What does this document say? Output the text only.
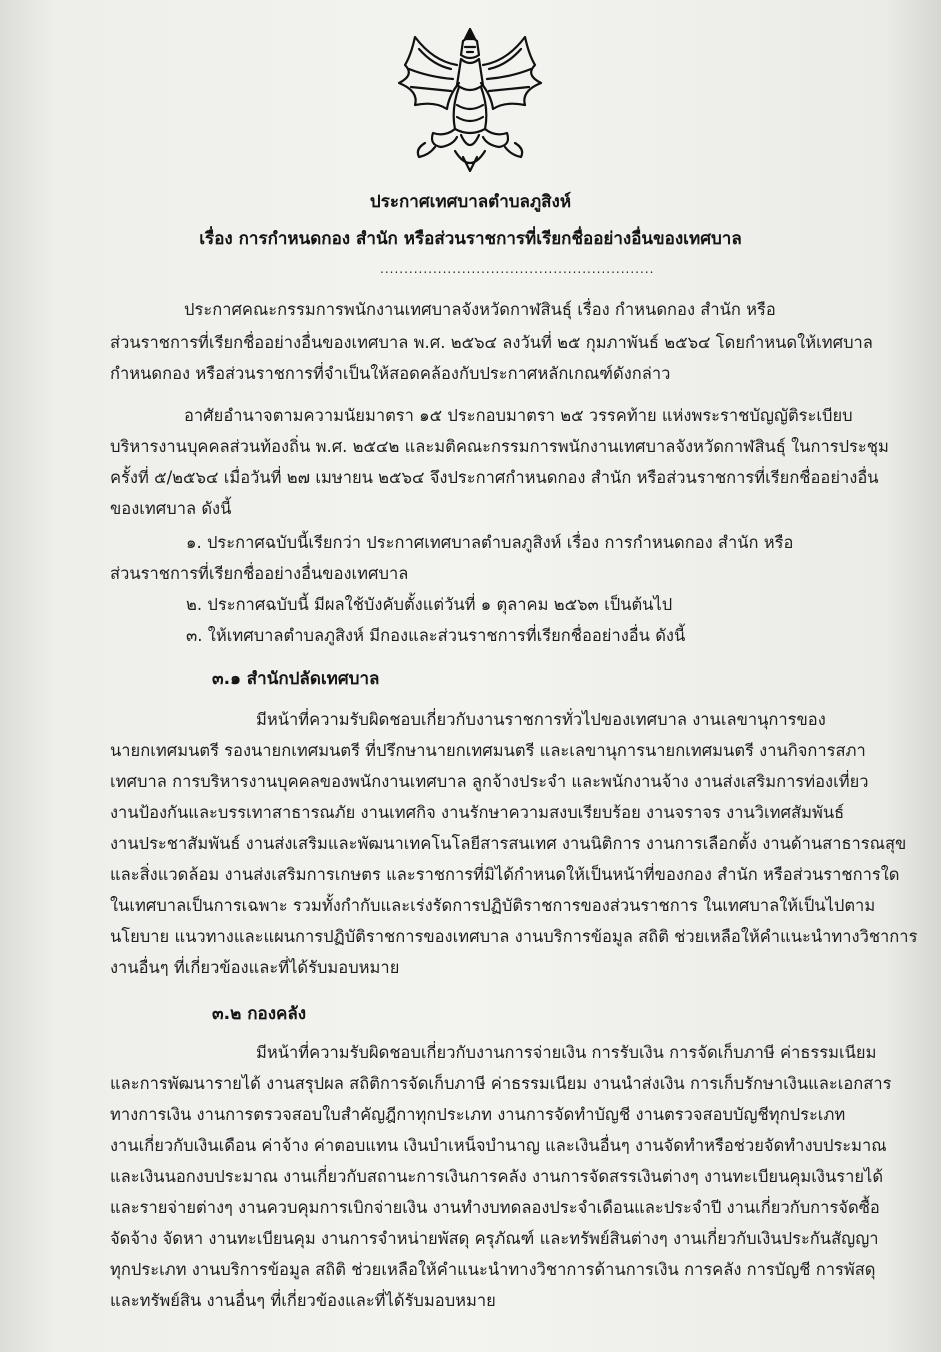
ประกาศเทศบาลตำบลภูสิงห์
เรื่อง การกำหนดกอง สำนัก หรือส่วนราชการที่เรียกชื่ออย่างอื่นของเทศบาล
.........................................................
ประกาศคณะกรรมการพนักงานเทศบาลจังหวัดกาฬสินธุ์ เรื่อง กำหนดกอง สำนัก หรือ
ส่วนราชการที่เรียกชื่ออย่างอื่นของเทศบาล พ.ศ. ๒๕๖๔ ลงวันที่ ๒๕ กุมภาพันธ์ ๒๕๖๔ โดยกำหนดให้เทศบาล
กำหนดกอง หรือส่วนราชการที่จำเป็นให้สอดคล้องกับประกาศหลักเกณฑ์ดังกล่าว
อาศัยอำนาจตามความนัยมาตรา ๑๕ ประกอบมาตรา ๒๕ วรรคท้าย แห่งพระราชบัญญัติระเบียบ
บริหารงานบุคคลส่วนท้องถิ่น พ.ศ. ๒๕๔๒ และมติคณะกรรมการพนักงานเทศบาลจังหวัดกาฬสินธุ์ ในการประชุม
ครั้งที่ ๕/๒๕๖๔ เมื่อวันที่ ๒๗ เมษายน ๒๕๖๔ จึงประกาศกำหนดกอง สำนัก หรือส่วนราชการที่เรียกชื่ออย่างอื่น
ของเทศบาล ดังนี้
๑. ประกาศฉบับนี้เรียกว่า ประกาศเทศบาลตำบลภูสิงห์ เรื่อง การกำหนดกอง สำนัก หรือ
ส่วนราชการที่เรียกชื่ออย่างอื่นของเทศบาล
๒. ประกาศฉบับนี้ มีผลใช้บังคับตั้งแต่วันที่ ๑ ตุลาคม ๒๕๖๓ เป็นต้นไป
๓. ให้เทศบาลตำบลภูสิงห์ มีกองและส่วนราชการที่เรียกชื่ออย่างอื่น ดังนี้
๓.๑ สำนักปลัดเทศบาล
มีหน้าที่ความรับผิดชอบเกี่ยวกับงานราชการทั่วไปของเทศบาล งานเลขานุการของ
นายกเทศมนตรี รองนายกเทศมนตรี ที่ปรึกษานายกเทศมนตรี และเลขานุการนายกเทศมนตรี งานกิจการสภา
เทศบาล การบริหารงานบุคคลของพนักงานเทศบาล ลูกจ้างประจำ และพนักงานจ้าง งานส่งเสริมการท่องเที่ยว
งานป้องกันและบรรเทาสาธารณภัย งานเทศกิจ งานรักษาความสงบเรียบร้อย งานจราจร งานวิเทศสัมพันธ์
งานประชาสัมพันธ์ งานส่งเสริมและพัฒนาเทคโนโลยีสารสนเทศ งานนิติการ งานการเลือกตั้ง งานด้านสาธารณสุข
และสิ่งแวดล้อม งานส่งเสริมการเกษตร และราชการที่มิได้กำหนดให้เป็นหน้าที่ของกอง สำนัก หรือส่วนราชการใด
ในเทศบาลเป็นการเฉพาะ รวมทั้งกำกับและเร่งรัดการปฏิบัติราชการของส่วนราชการ ในเทศบาลให้เป็นไปตาม
นโยบาย แนวทางและแผนการปฏิบัติราชการของเทศบาล งานบริการข้อมูล สถิติ ช่วยเหลือให้คำแนะนำทางวิชาการ
งานอื่นๆ ที่เกี่ยวข้องและที่ได้รับมอบหมาย
๓.๒ กองคลัง
มีหน้าที่ความรับผิดชอบเกี่ยวกับงานการจ่ายเงิน การรับเงิน การจัดเก็บภาษี ค่าธรรมเนียม
และการพัฒนารายได้ งานสรุปผล สถิติการจัดเก็บภาษี ค่าธรรมเนียม งานนำส่งเงิน การเก็บรักษาเงินและเอกสาร
ทางการเงิน งานการตรวจสอบใบสำคัญฎีกาทุกประเภท งานการจัดทำบัญชี งานตรวจสอบบัญชีทุกประเภท
งานเกี่ยวกับเงินเดือน ค่าจ้าง ค่าตอบแทน เงินบำเหน็จบำนาญ และเงินอื่นๆ งานจัดทำหรือช่วยจัดทำงบประมาณ
และเงินนอกงบประมาณ งานเกี่ยวกับสถานะการเงินการคลัง งานการจัดสรรเงินต่างๆ งานทะเบียนคุมเงินรายได้
และรายจ่ายต่างๆ งานควบคุมการเบิกจ่ายเงิน งานทำงบทดลองประจำเดือนและประจำปี งานเกี่ยวกับการจัดซื้อ
จัดจ้าง จัดหา งานทะเบียนคุม งานการจำหน่ายพัสดุ ครุภัณฑ์ และทรัพย์สินต่างๆ งานเกี่ยวกับเงินประกันสัญญา
ทุกประเภท งานบริการข้อมูล สถิติ ช่วยเหลือให้คำแนะนำทางวิชาการด้านการเงิน การคลัง การบัญชี การพัสดุ
และทรัพย์สิน งานอื่นๆ ที่เกี่ยวข้องและที่ได้รับมอบหมาย
